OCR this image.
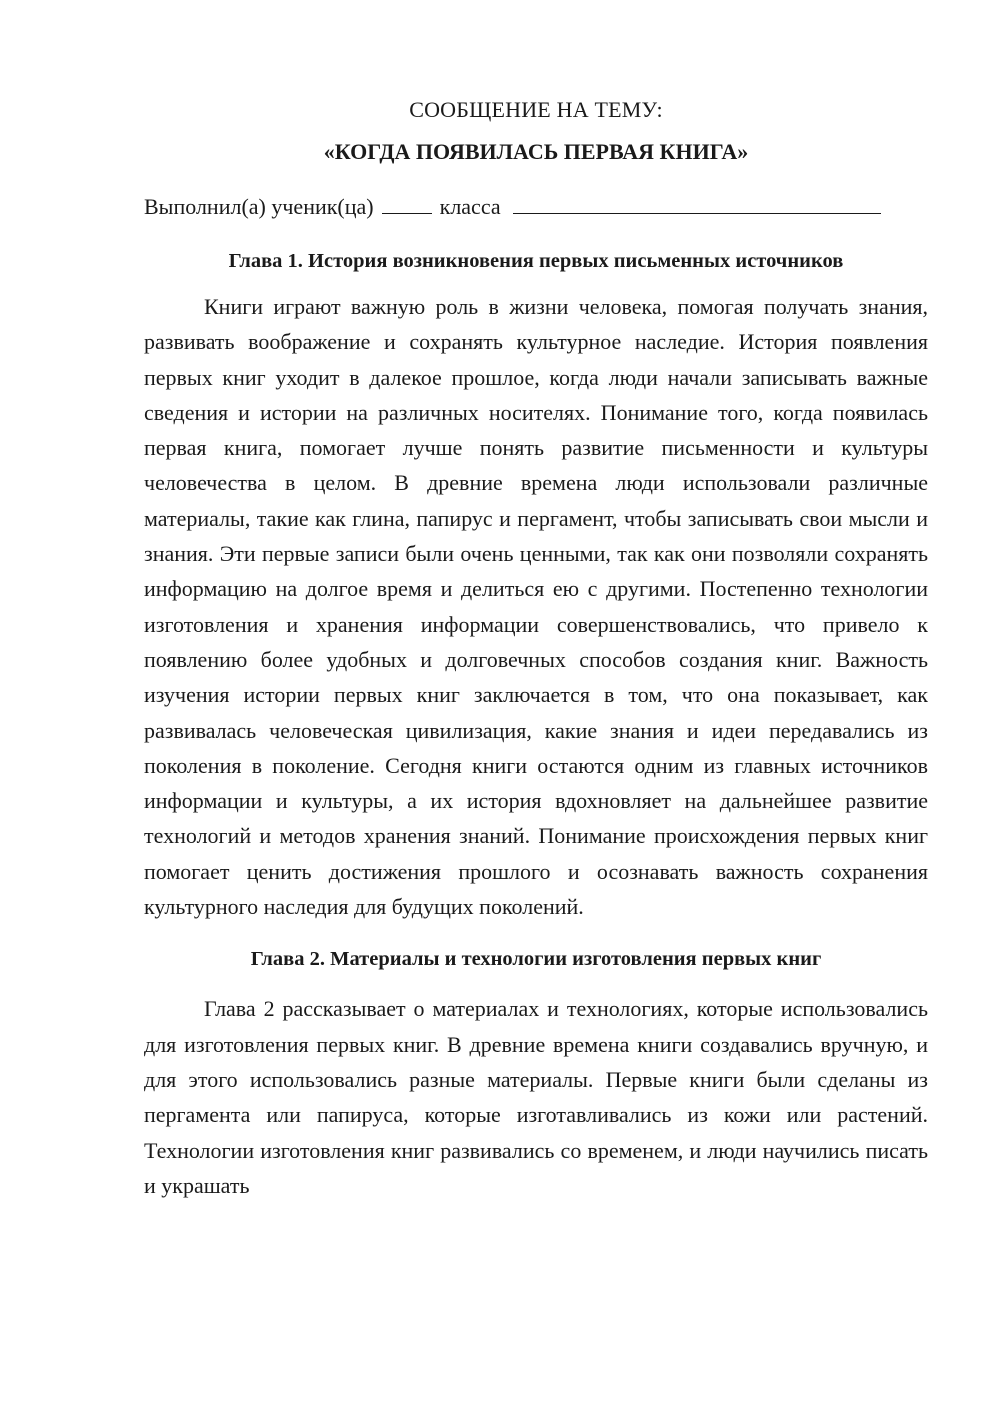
СООБЩЕНИЕ НА ТЕМУ:

«КОГДА ПОЯВИЛАСЬ ПЕРВАЯ КНИГА»

Выполнил(а) ученик(ца)	класса

Глава 1. История возникновения первых письменных источников

Книги играют важную роль в жизни человека, помогая получать знания, развивать воображение и сохранять культурное наследие. История появления первых книг уходит в далекое прошлое, когда люди начали записывать важные сведения и истории на различных носителях. Понимание того, когда появилась первая книга, помогает лучше понять развитие письменности и культуры человечества в целом. В древние времена люди использовали различные материалы, такие как глина, папирус и пергамент, чтобы записывать свои мысли и знания. Эти первые записи были очень ценными, так как они позволяли сохранять информацию на долгое время и делиться ею с другими. Постепенно технологии изготовления и хранения информации совершенствовались, что привело к появлению более удобных и долговечных способов создания книг. Важность изучения истории первых книг заключается в том, что она показывает, как развивалась человеческая цивилизация, какие знания и идеи передавались из поколения в поколение. Сегодня книги остаются одним из главных источников информации и культуры, а их история вдохновляет на дальнейшее развитие технологий и методов хранения знаний. Понимание происхождения первых книг помогает ценить достижения прошлого и осознавать важность сохранения культурного наследия для будущих поколений.

Глава 2. Материалы и технологии изготовления первых книг

Глава 2 рассказывает о материалах и технологиях, которые использовались для изготовления первых книг. В древние времена книги создавались вручную, и для этого использовались разные материалы. Первые книги были сделаны из пергамента или папируса, которые изготавливались из кожи или растений. Технологии изготовления книг развивались со временем, и люди научились писать и украшать
